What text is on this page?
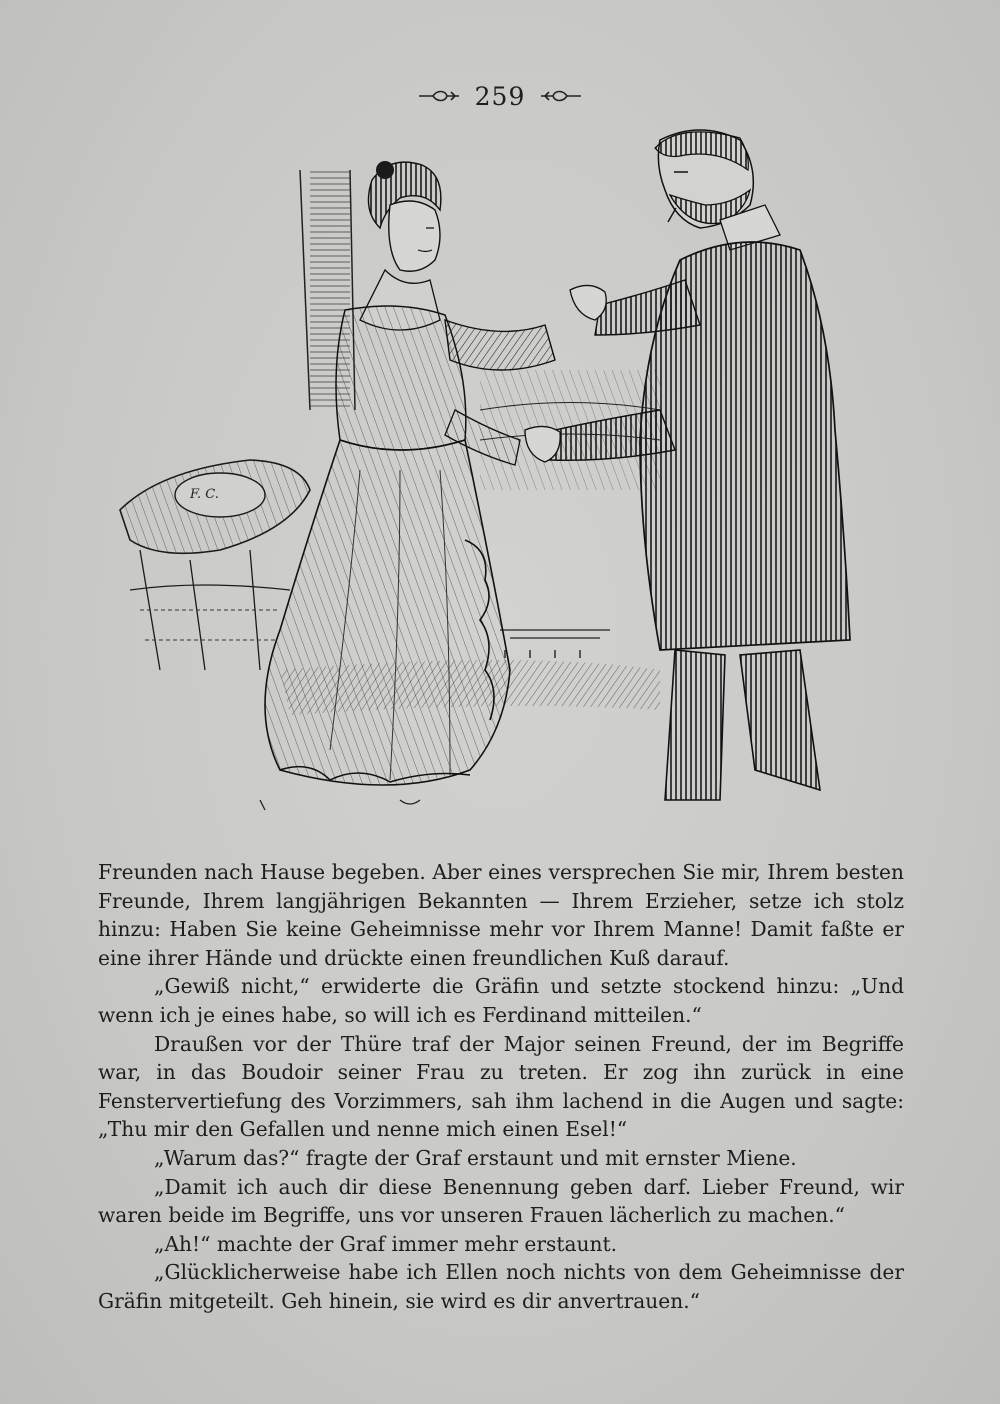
259
F. C.

Freunden nach Hause begeben. Aber eines versprechen Sie mir, Ihrem besten Freunde, Ihrem langjährigen Bekannten — Ihrem Erzieher, setze ich stolz hinzu: Haben Sie keine Geheimnisse mehr vor Ihrem Manne! Damit faßte er eine ihrer Hände und drückte einen freundlichen Kuß darauf.

„Gewiß nicht,“ erwiderte die Gräfin und setzte stockend hinzu: „Und wenn ich je eines habe, so will ich es Ferdinand mitteilen.“

Draußen vor der Thüre traf der Major seinen Freund, der im Begriffe war, in das Boudoir seiner Frau zu treten. Er zog ihn zurück in eine Fenstervertiefung des Vorzimmers, sah ihm lachend in die Augen und sagte: „Thu mir den Gefallen und nenne mich einen Esel!“

„Warum das?“ fragte der Graf erstaunt und mit ernster Miene.

„Damit ich auch dir diese Benennung geben darf. Lieber Freund, wir waren beide im Begriffe, uns vor unseren Frauen lächerlich zu machen.“

„Ah!“ machte der Graf immer mehr erstaunt.

„Glücklicherweise habe ich Ellen noch nichts von dem Geheimnisse der Gräfin mitgeteilt. Geh hinein, sie wird es dir anvertrauen.“
